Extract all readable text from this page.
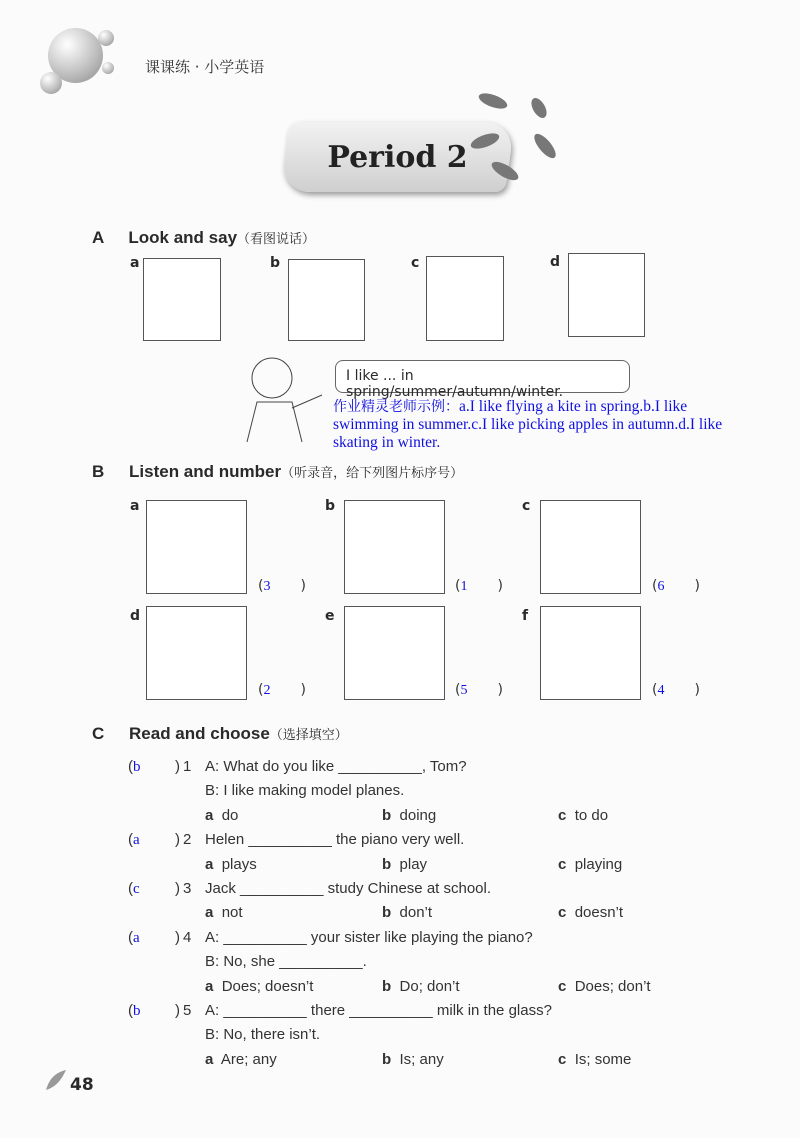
课课练 · 小学英语
Period 2
A Look and say（看图说话）
a	b	c	d
I like ... in spring/summer/autumn/winter.
作业精灵老师示例：a.I like flying a kite in spring.b.I like swimming in summer.c.I like picking apples in autumn.d.I like skating in winter.
B Listen and number（听录音，给下列图片标序号）
a
(3 )
b
(1 )
c
(6 )
d
(2 )
e
(5 )
f
(4 )
C Read and choose（选择填空）
(b ) 1 A: What do you like __________, Tom?
B: I like making model planes.
a do	b doing	c to do
(a ) 2 Helen __________ the piano very well.
a plays	b play	c playing
(c ) 3 Jack __________ study Chinese at school.
a not	b don’t	c doesn’t
(a ) 4 A: __________ your sister like playing the piano?
B: No, she __________.
a Does; doesn’t	b Do; don’t	c Does; don’t
(b ) 5 A: __________ there __________ milk in the glass?
B: No, there isn’t.
a Are; any	b Is; any	c Is; some
48
